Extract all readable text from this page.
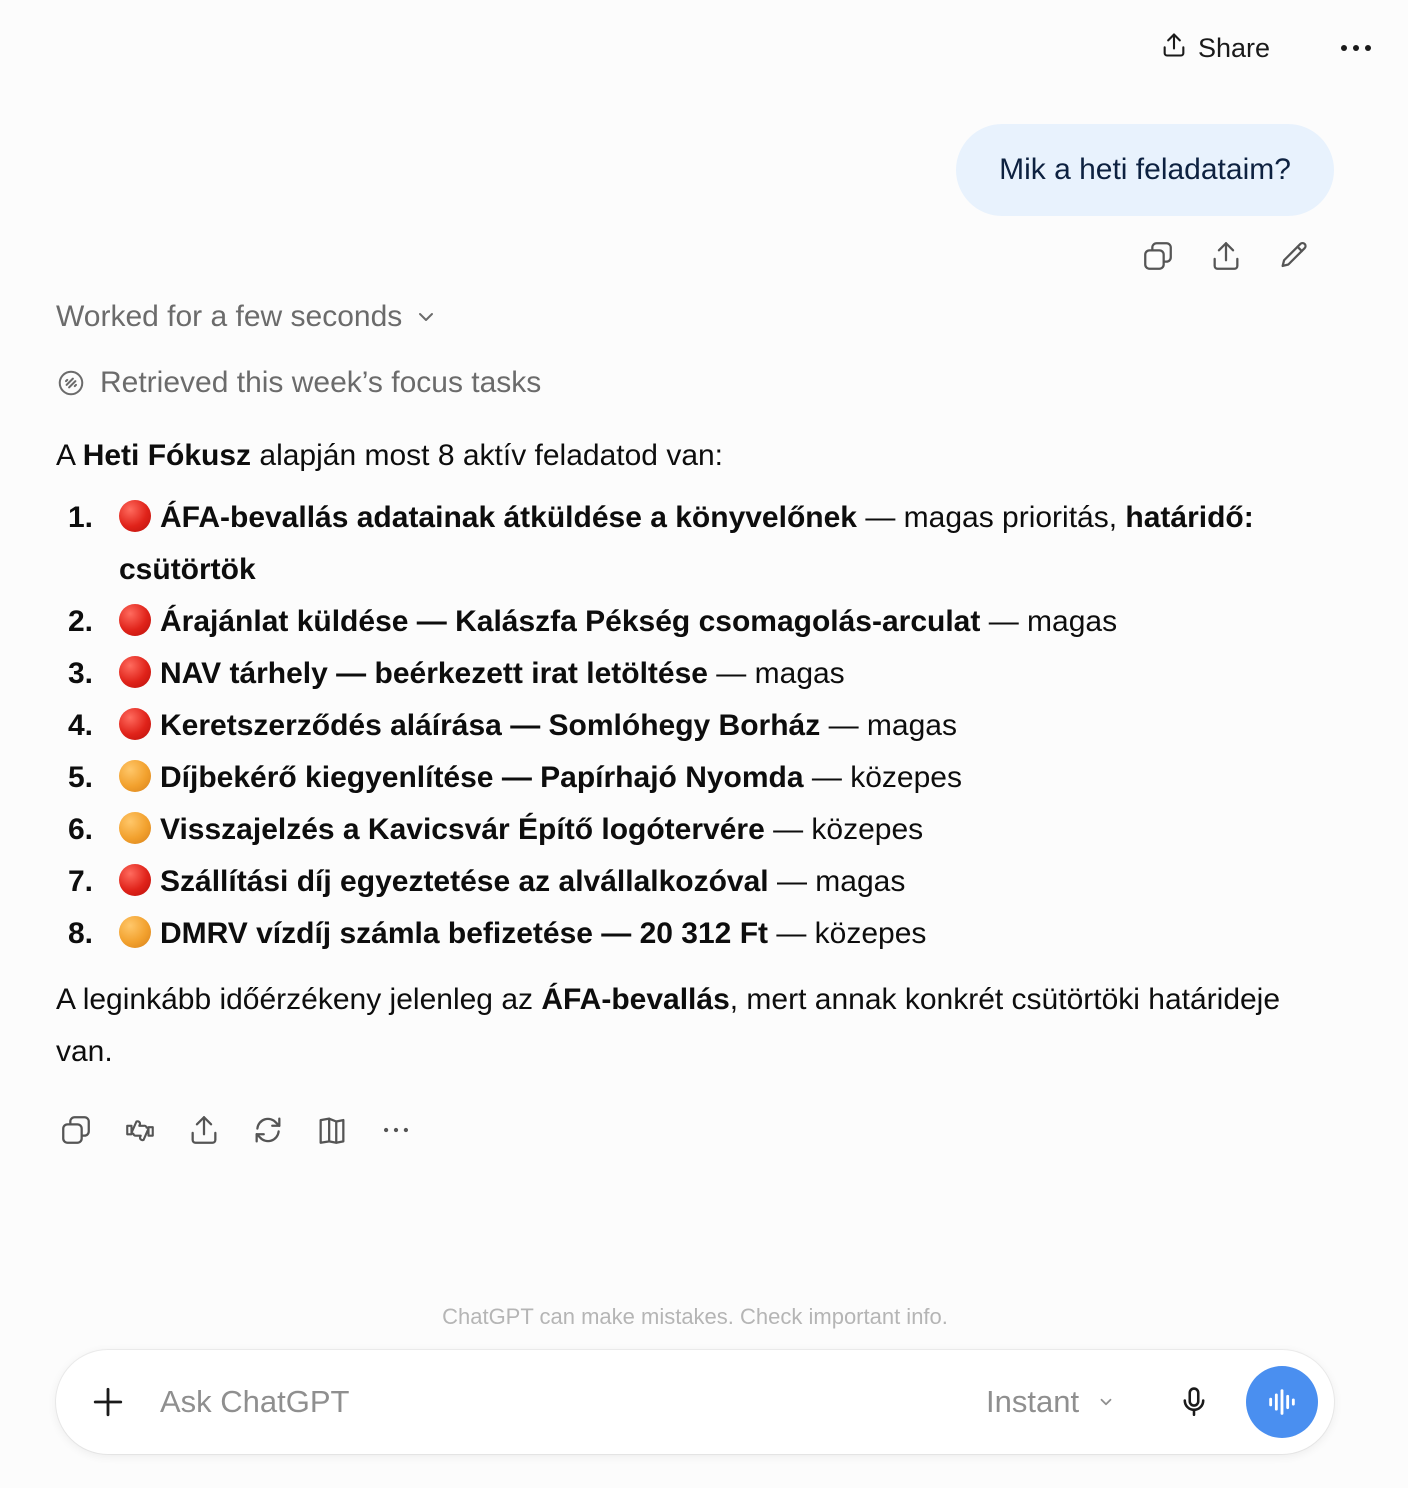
Share
Mik a heti feladataim?
Worked for a few seconds
Retrieved this week’s focus tasks
A Heti Fókusz alapján most 8 aktív feladatod van:
1.	ÁFA-bevallás adatainak átküldése a könyvelőnek — magas prioritás, határidő: csütörtök
2.	Árajánlat küldése — Kalászfa Pékség csomagolás-arculat — magas
3.	NAV tárhely — beérkezett irat letöltése — magas
4.	Keretszerződés aláírása — Somlóhegy Borház — magas
5.	Díjbekérő kiegyenlítése — Papírhajó Nyomda — közepes
6.	Visszajelzés a Kavicsvár Építő logótervére — közepes
7.	Szállítási díj egyeztetése az alvállalkozóval — magas
8.	DMRV vízdíj számla befizetése — 20 312 Ft — közepes
A leginkább időérzékeny jelenleg az ÁFA-bevallás, mert annak konkrét csütörtöki határideje van.
ChatGPT can make mistakes. Check important info.
Ask ChatGPT
Instant
